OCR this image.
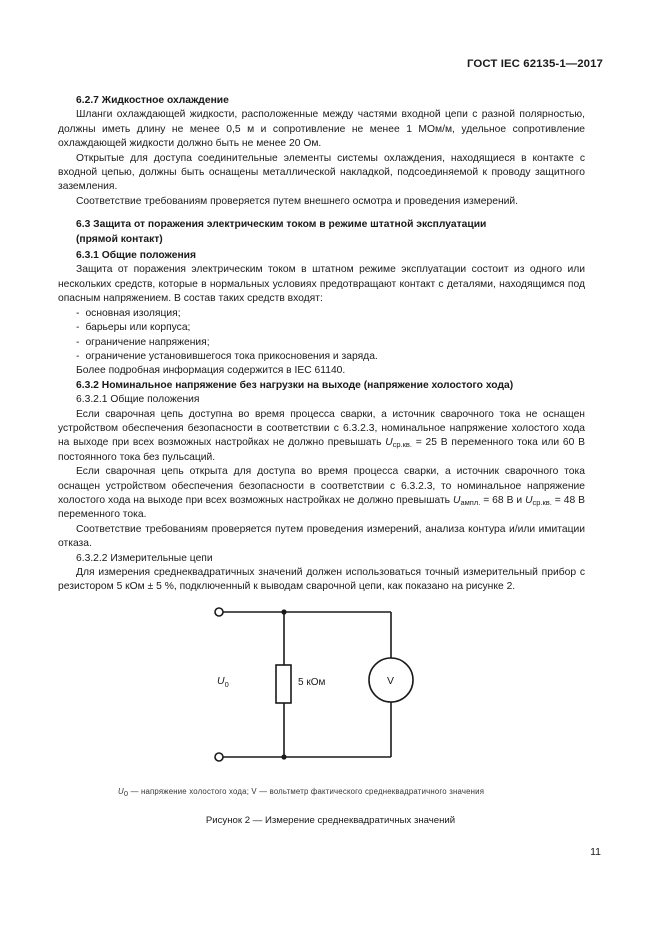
ГОСТ IEC 62135-1—2017

6.2.7 Жидкостное охлаждение

Шланги охлаждающей жидкости, расположенные между частями входной цепи с разной полярностью, должны иметь длину не менее 0,5 м и сопротивление не менее 1 МОм/м, удельное сопротивление охлаждающей жидкости должно быть не менее 20 Ом.

Открытые для доступа соединительные элементы системы охлаждения, находящиеся в контакте с входной цепью, должны быть оснащены металлической накладкой, подсоединяемой к проводу защитного заземления.

Соответствие требованиям проверяется путем внешнего осмотра и проведения измерений.

6.3 Защита от поражения электрическим током в режиме штатной эксплуатации
(прямой контакт)

6.3.1 Общие положения

Защита от поражения электрическим током в штатном режиме эксплуатации состоит из одного или нескольких средств, которые в нормальных условиях предотвращают контакт с деталями, находящимся под опасным напряжением. В состав таких средств входят:

- основная изоляция;

- барьеры или корпуса;

- ограничение напряжения;

- ограничение установившегося тока прикосновения и заряда.

Более подробная информация содержится в IEC 61140.

6.3.2 Номинальное напряжение без нагрузки на выходе (напряжение холостого хода)

6.3.2.1 Общие положения

Если сварочная цепь доступна во время процесса сварки, а источник сварочного тока не оснащен устройством обеспечения безопасности в соответствии с 6.3.2.3, номинальное напряжение холостого хода на выходе при всех возможных настройках не должно превышать $U_{ср.кв.} = 25$ В переменного тока или 60 В постоянного тока без пульсаций.

Если сварочная цепь открыта для доступа во время процесса сварки, а источник сварочного тока оснащен устройством обеспечения безопасности в соответствии с 6.3.2.3, то номинальное напряжение холостого хода на выходе при всех возможных настройках не должно превышать $U_{ампл.} = 68$ В и $U_{ср.кв.} = 48$ В переменного тока.

Соответствие требованиям проверяется путем проведения измерений, анализа контура и/или имитации отказа.

6.3.2.2 Измерительные цепи

Для измерения среднеквадратичных значений должен использоваться точный измерительный прибор с резистором 5 кОм ± 5 %, подключенный к выводам сварочной цепи, как показано на рисунке 2.

$U_0$	5 кОм	V
$U_0$ — напряжение холостого хода; V — вольтметр фактического среднеквадратичного значения
Рисунок 2 — Измерение среднеквадратичных значений
11
